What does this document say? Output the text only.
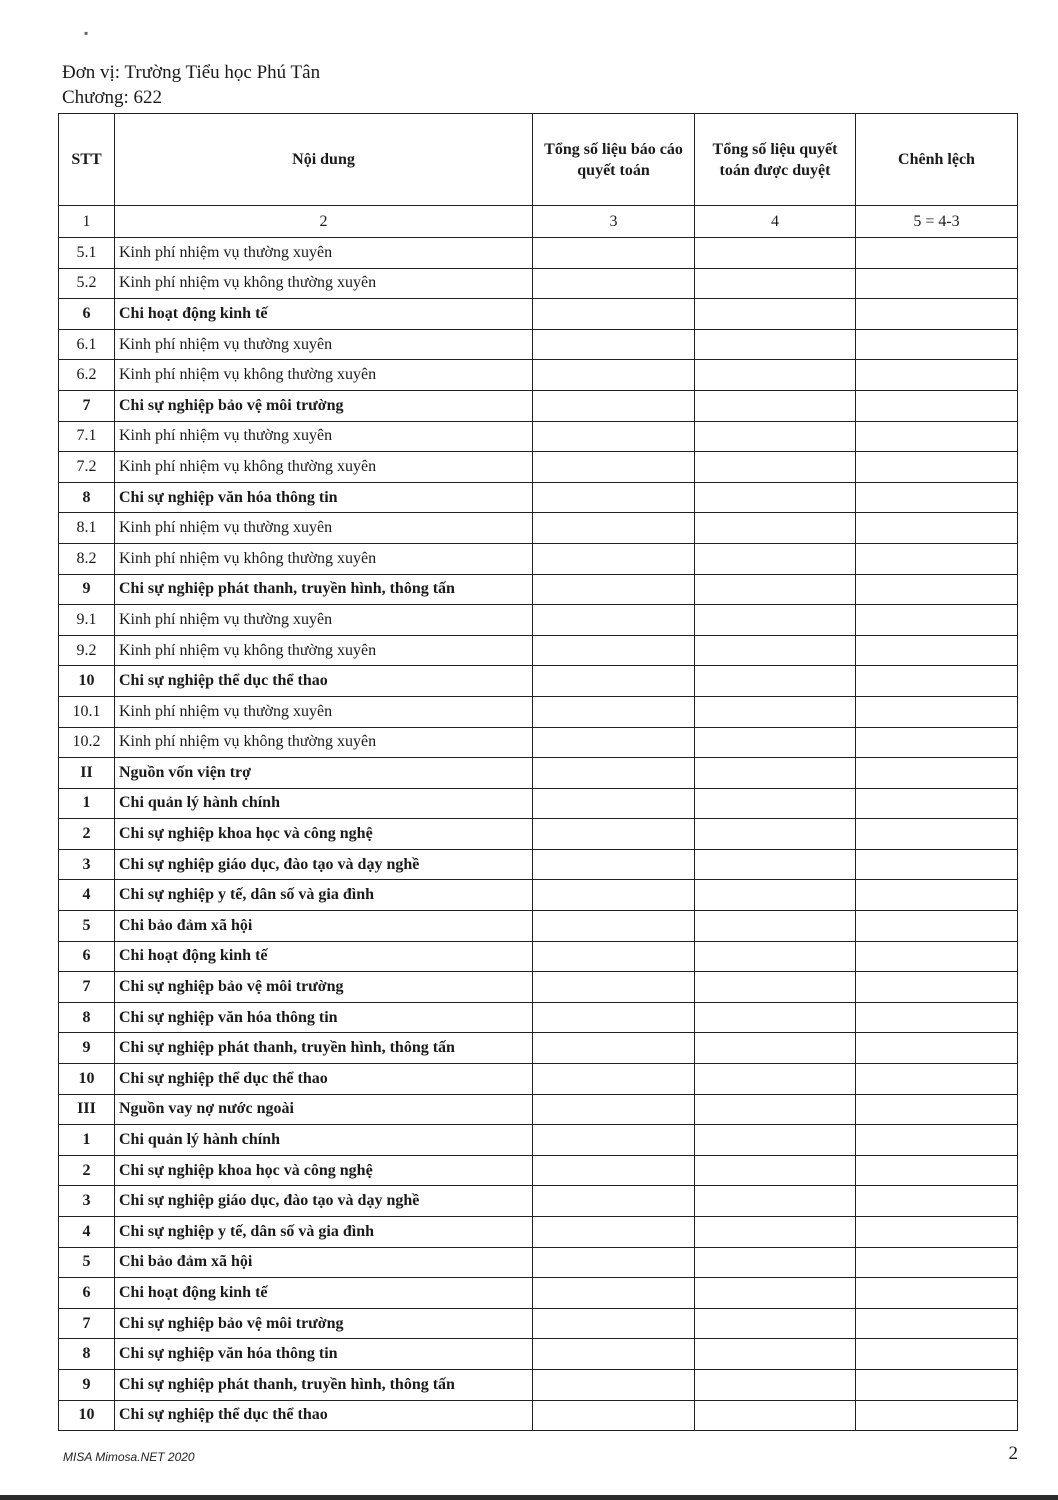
▪
Đơn vị: Trường Tiểu học Phú Tân
Chương: 622
STT	Nội dung	Tổng số liệu báo cáo quyết toán	Tổng số liệu quyết toán được duyệt	Chênh lệch
1	2	3	4	5 = 4-3
5.1	Kinh phí nhiệm vụ thường xuyên			
5.2	Kinh phí nhiệm vụ không thường xuyên			
6	Chi hoạt động kinh tế			
6.1	Kinh phí nhiệm vụ thường xuyên			
6.2	Kinh phí nhiệm vụ không thường xuyên			
7	Chi sự nghiệp bảo vệ môi trường			
7.1	Kinh phí nhiệm vụ thường xuyên			
7.2	Kinh phí nhiệm vụ không thường xuyên			
8	Chi sự nghiệp văn hóa thông tin			
8.1	Kinh phí nhiệm vụ thường xuyên			
8.2	Kinh phí nhiệm vụ không thường xuyên			
9	Chi sự nghiệp phát thanh, truyền hình, thông tấn			
9.1	Kinh phí nhiệm vụ thường xuyên			
9.2	Kinh phí nhiệm vụ không thường xuyên			
10	Chi sự nghiệp thể dục thể thao			
10.1	Kinh phí nhiệm vụ thường xuyên			
10.2	Kinh phí nhiệm vụ không thường xuyên			
II	Nguồn vốn viện trợ			
1	Chi quản lý hành chính			
2	Chi sự nghiệp khoa học và công nghệ			
3	Chi sự nghiệp giáo dục, đào tạo và dạy nghề			
4	Chi sự nghiệp y tế, dân số và gia đình			
5	Chi bảo đảm xã hội			
6	Chi hoạt động kinh tế			
7	Chi sự nghiệp bảo vệ môi trường			
8	Chi sự nghiệp văn hóa thông tin			
9	Chi sự nghiệp phát thanh, truyền hình, thông tấn			
10	Chi sự nghiệp thể dục thể thao			
III	Nguồn vay nợ nước ngoài			
1	Chi quản lý hành chính			
2	Chi sự nghiệp khoa học và công nghệ			
3	Chi sự nghiệp giáo dục, đào tạo và dạy nghề			
4	Chi sự nghiệp y tế, dân số và gia đình			
5	Chi bảo đảm xã hội			
6	Chi hoạt động kinh tế			
7	Chi sự nghiệp bảo vệ môi trường			
8	Chi sự nghiệp văn hóa thông tin			
9	Chi sự nghiệp phát thanh, truyền hình, thông tấn			
10	Chi sự nghiệp thể dục thể thao			
MISA Mimosa.NET 2020	2
